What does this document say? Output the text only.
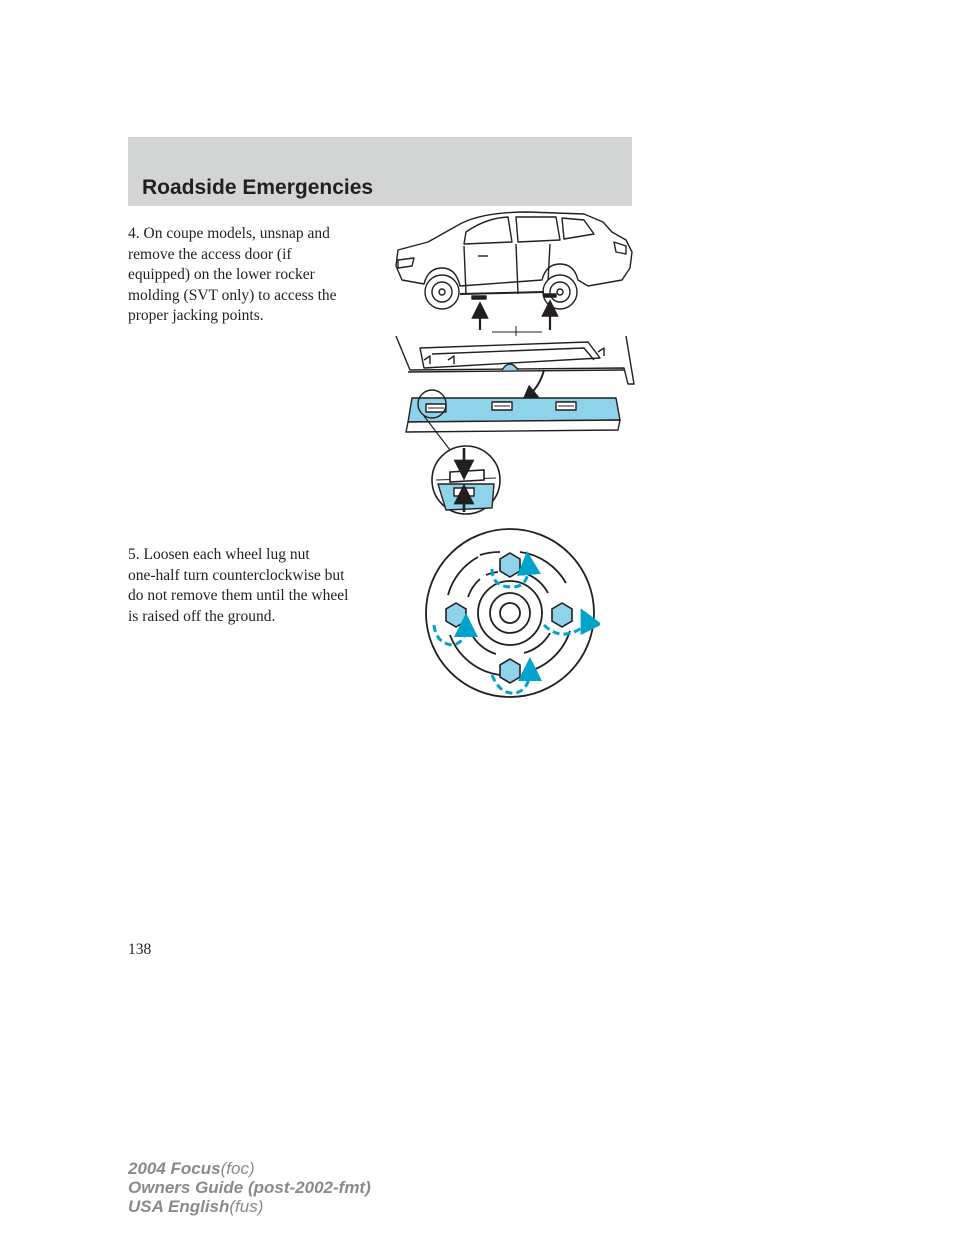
Roadside Emergencies

4. On coupe models, unsnap and

remove the access door (if

equipped) on the lower rocker

molding (SVT only) to access the

proper jacking points.

5. Loosen each wheel lug nut

one-half turn counterclockwise but

do not remove them until the wheel

is raised off the ground.

138
2004 Focus(foc)
Owners Guide (post-2002-fmt)
USA English(fus)
